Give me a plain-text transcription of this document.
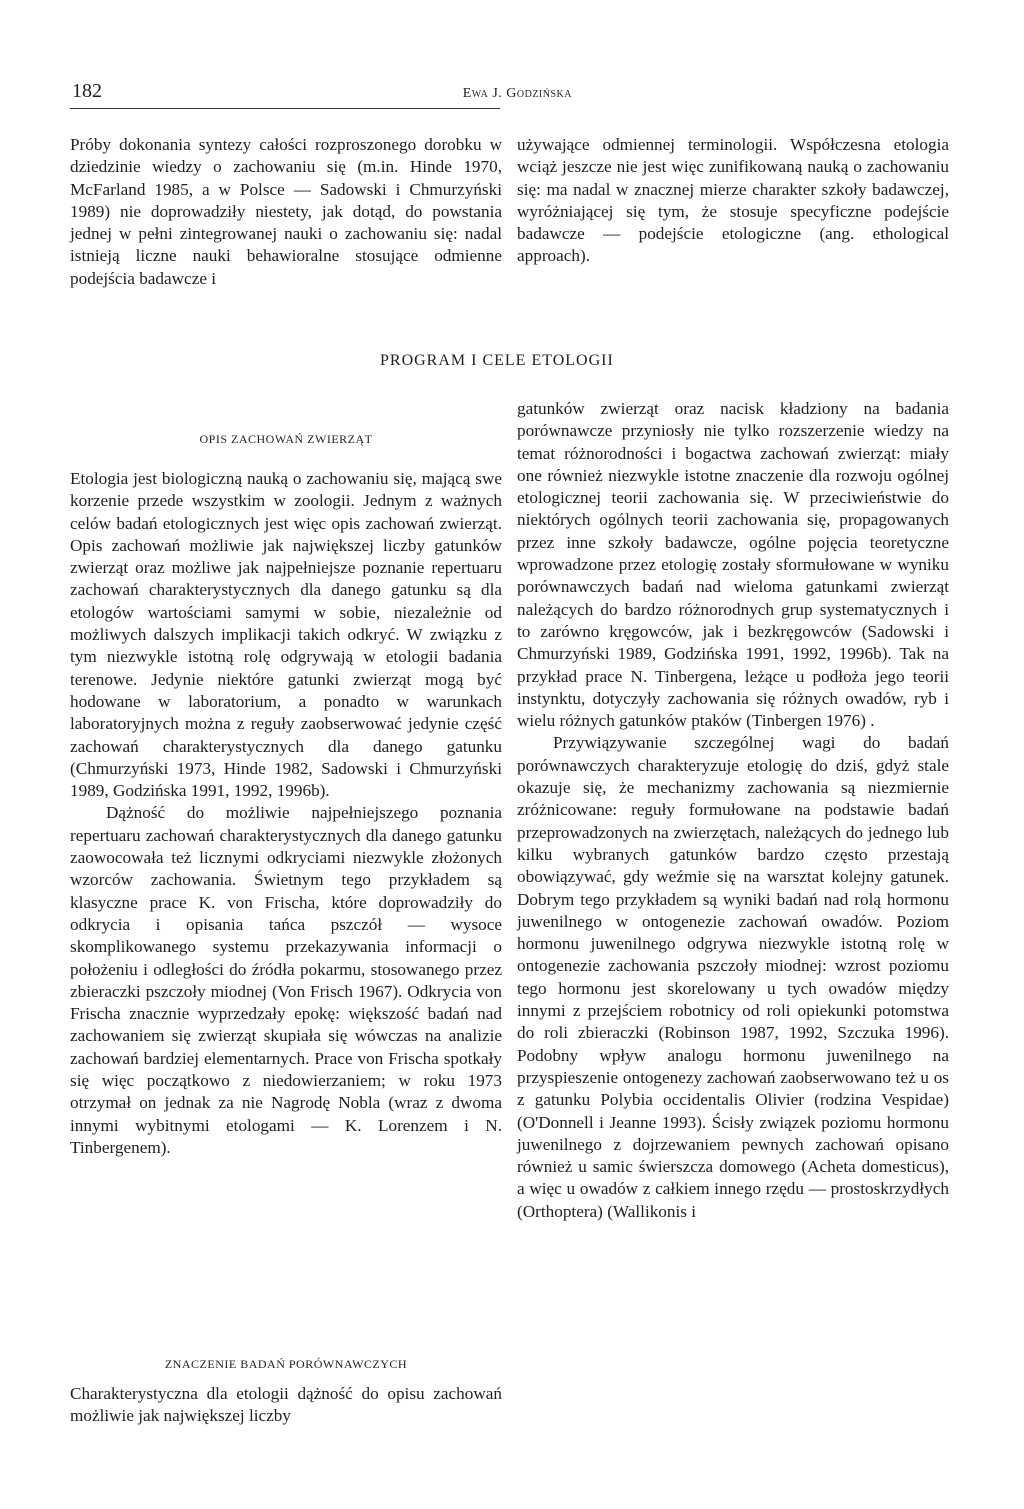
182	Ewa J. Godzińska

Próby dokonania syntezy całości rozproszonego dorobku w dziedzinie wiedzy o zachowaniu się (m.in. Hinde 1970, McFarland 1985, a w Polsce — Sadowski i Chmurzyński 1989) nie doprowadziły niestety, jak dotąd, do powstania jednej w pełni zintegrowanej nauki o zachowaniu się: nadal istnieją liczne nauki behawioralne stosujące odmienne podejścia badawcze i

używające odmiennej terminologii. Współczesna etologia wciąż jeszcze nie jest więc zunifikowaną nauką o zachowaniu się: ma nadal w znacznej mierze charakter szkoły badawczej, wyróżniającej się tym, że stosuje specyficzne podejście badawcze — podejście etologiczne (ang. ethological approach).

PROGRAM I CELE ETOLOGII
OPIS ZACHOWAŃ ZWIERZĄT

Etologia jest biologiczną nauką o zachowaniu się, mającą swe korzenie przede wszystkim w zoologii. Jednym z ważnych celów badań etologicznych jest więc opis zachowań zwierząt. Opis zachowań możliwie jak największej liczby gatunków zwierząt oraz możliwe jak najpełniejsze poznanie repertuaru zachowań charakterystycznych dla danego gatunku są dla etologów wartościami samymi w sobie, niezależnie od możliwych dalszych implikacji takich odkryć. W związku z tym niezwykle istotną rolę odgrywają w etologii badania terenowe. Jedynie niektóre gatunki zwierząt mogą być hodowane w laboratorium, a ponadto w warunkach laboratoryjnych można z reguły zaobserwować jedynie część zachowań charakterystycznych dla danego gatunku (Chmurzyński 1973, Hinde 1982, Sadowski i Chmurzyński 1989, Godzińska 1991, 1992, 1996b).

Dążność do możliwie najpełniejszego poznania repertuaru zachowań charakterystycznych dla danego gatunku zaowocowała też licznymi odkryciami niezwykle złożonych wzorców zachowania. Świetnym tego przykładem są klasyczne prace K. von Frischa, które doprowadziły do odkrycia i opisania tańca pszczół — wysoce skomplikowanego systemu przekazywania informacji o położeniu i odległości do źródła pokarmu, stosowanego przez zbieraczki pszczoły miodnej (Von Frisch 1967). Odkrycia von Frischa znacznie wyprzedzały epokę: większość badań nad zachowaniem się zwierząt skupiała się wówczas na analizie zachowań bardziej elementarnych. Prace von Frischa spotkały się więc początkowo z niedowierzaniem; w roku 1973 otrzymał on jednak za nie Nagrodę Nobla (wraz z dwoma innymi wybitnymi etologami — K. Lorenzem i N. Tinbergenem).

ZNACZENIE BADAŃ PORÓWNAWCZYCH

Charakterystyczna dla etologii dążność do opisu zachowań możliwie jak największej liczby

gatunków zwierząt oraz nacisk kładziony na badania porównawcze przyniosły nie tylko rozszerzenie wiedzy na temat różnorodności i bogactwa zachowań zwierząt: miały one również niezwykle istotne znaczenie dla rozwoju ogólnej etologicznej teorii zachowania się. W przeciwieństwie do niektórych ogólnych teorii zachowania się, propagowanych przez inne szkoły badawcze, ogólne pojęcia teoretyczne wprowadzone przez etologię zostały sformułowane w wyniku porównawczych badań nad wieloma gatunkami zwierząt należących do bardzo różnorodnych grup systematycznych i to zarówno kręgowców, jak i bezkręgowców (Sadowski i Chmurzyński 1989, Godzińska 1991, 1992, 1996b). Tak na przykład prace N. Tinbergena, leżące u podłoża jego teorii instynktu, dotyczyły zachowania się różnych owadów, ryb i wielu różnych gatunków ptaków (Tinbergen 1976) .

Przywiązywanie szczególnej wagi do badań porównawczych charakteryzuje etologię do dziś, gdyż stale okazuje się, że mechanizmy zachowania są niezmiernie zróżnicowane: reguły formułowane na podstawie badań przeprowadzonych na zwierzętach, należących do jednego lub kilku wybranych gatunków bardzo często przestają obowiązywać, gdy weźmie się na warsztat kolejny gatunek. Dobrym tego przykładem są wyniki badań nad rolą hormonu juwenilnego w ontogenezie zachowań owadów. Poziom hormonu juwenilnego odgrywa niezwykle istotną rolę w ontogenezie zachowania pszczoły miodnej: wzrost poziomu tego hormonu jest skorelowany u tych owadów między innymi z przejściem robotnicy od roli opiekunki potomstwa do roli zbieraczki (Robinson 1987, 1992, Szczuka 1996). Podobny wpływ analogu hormonu juwenilnego na przyspieszenie ontogenezy zachowań zaobserwowano też u os z gatunku Polybia occidentalis Olivier (rodzina Vespidae) (O'Donnell i Jeanne 1993). Ścisły związek poziomu hormonu juwenilnego z dojrzewaniem pewnych zachowań opisano również u samic świerszcza domowego (Acheta domesticus), a więc u owadów z całkiem innego rzędu — prostoskrzydłych (Orthoptera) (Wallikonis i
